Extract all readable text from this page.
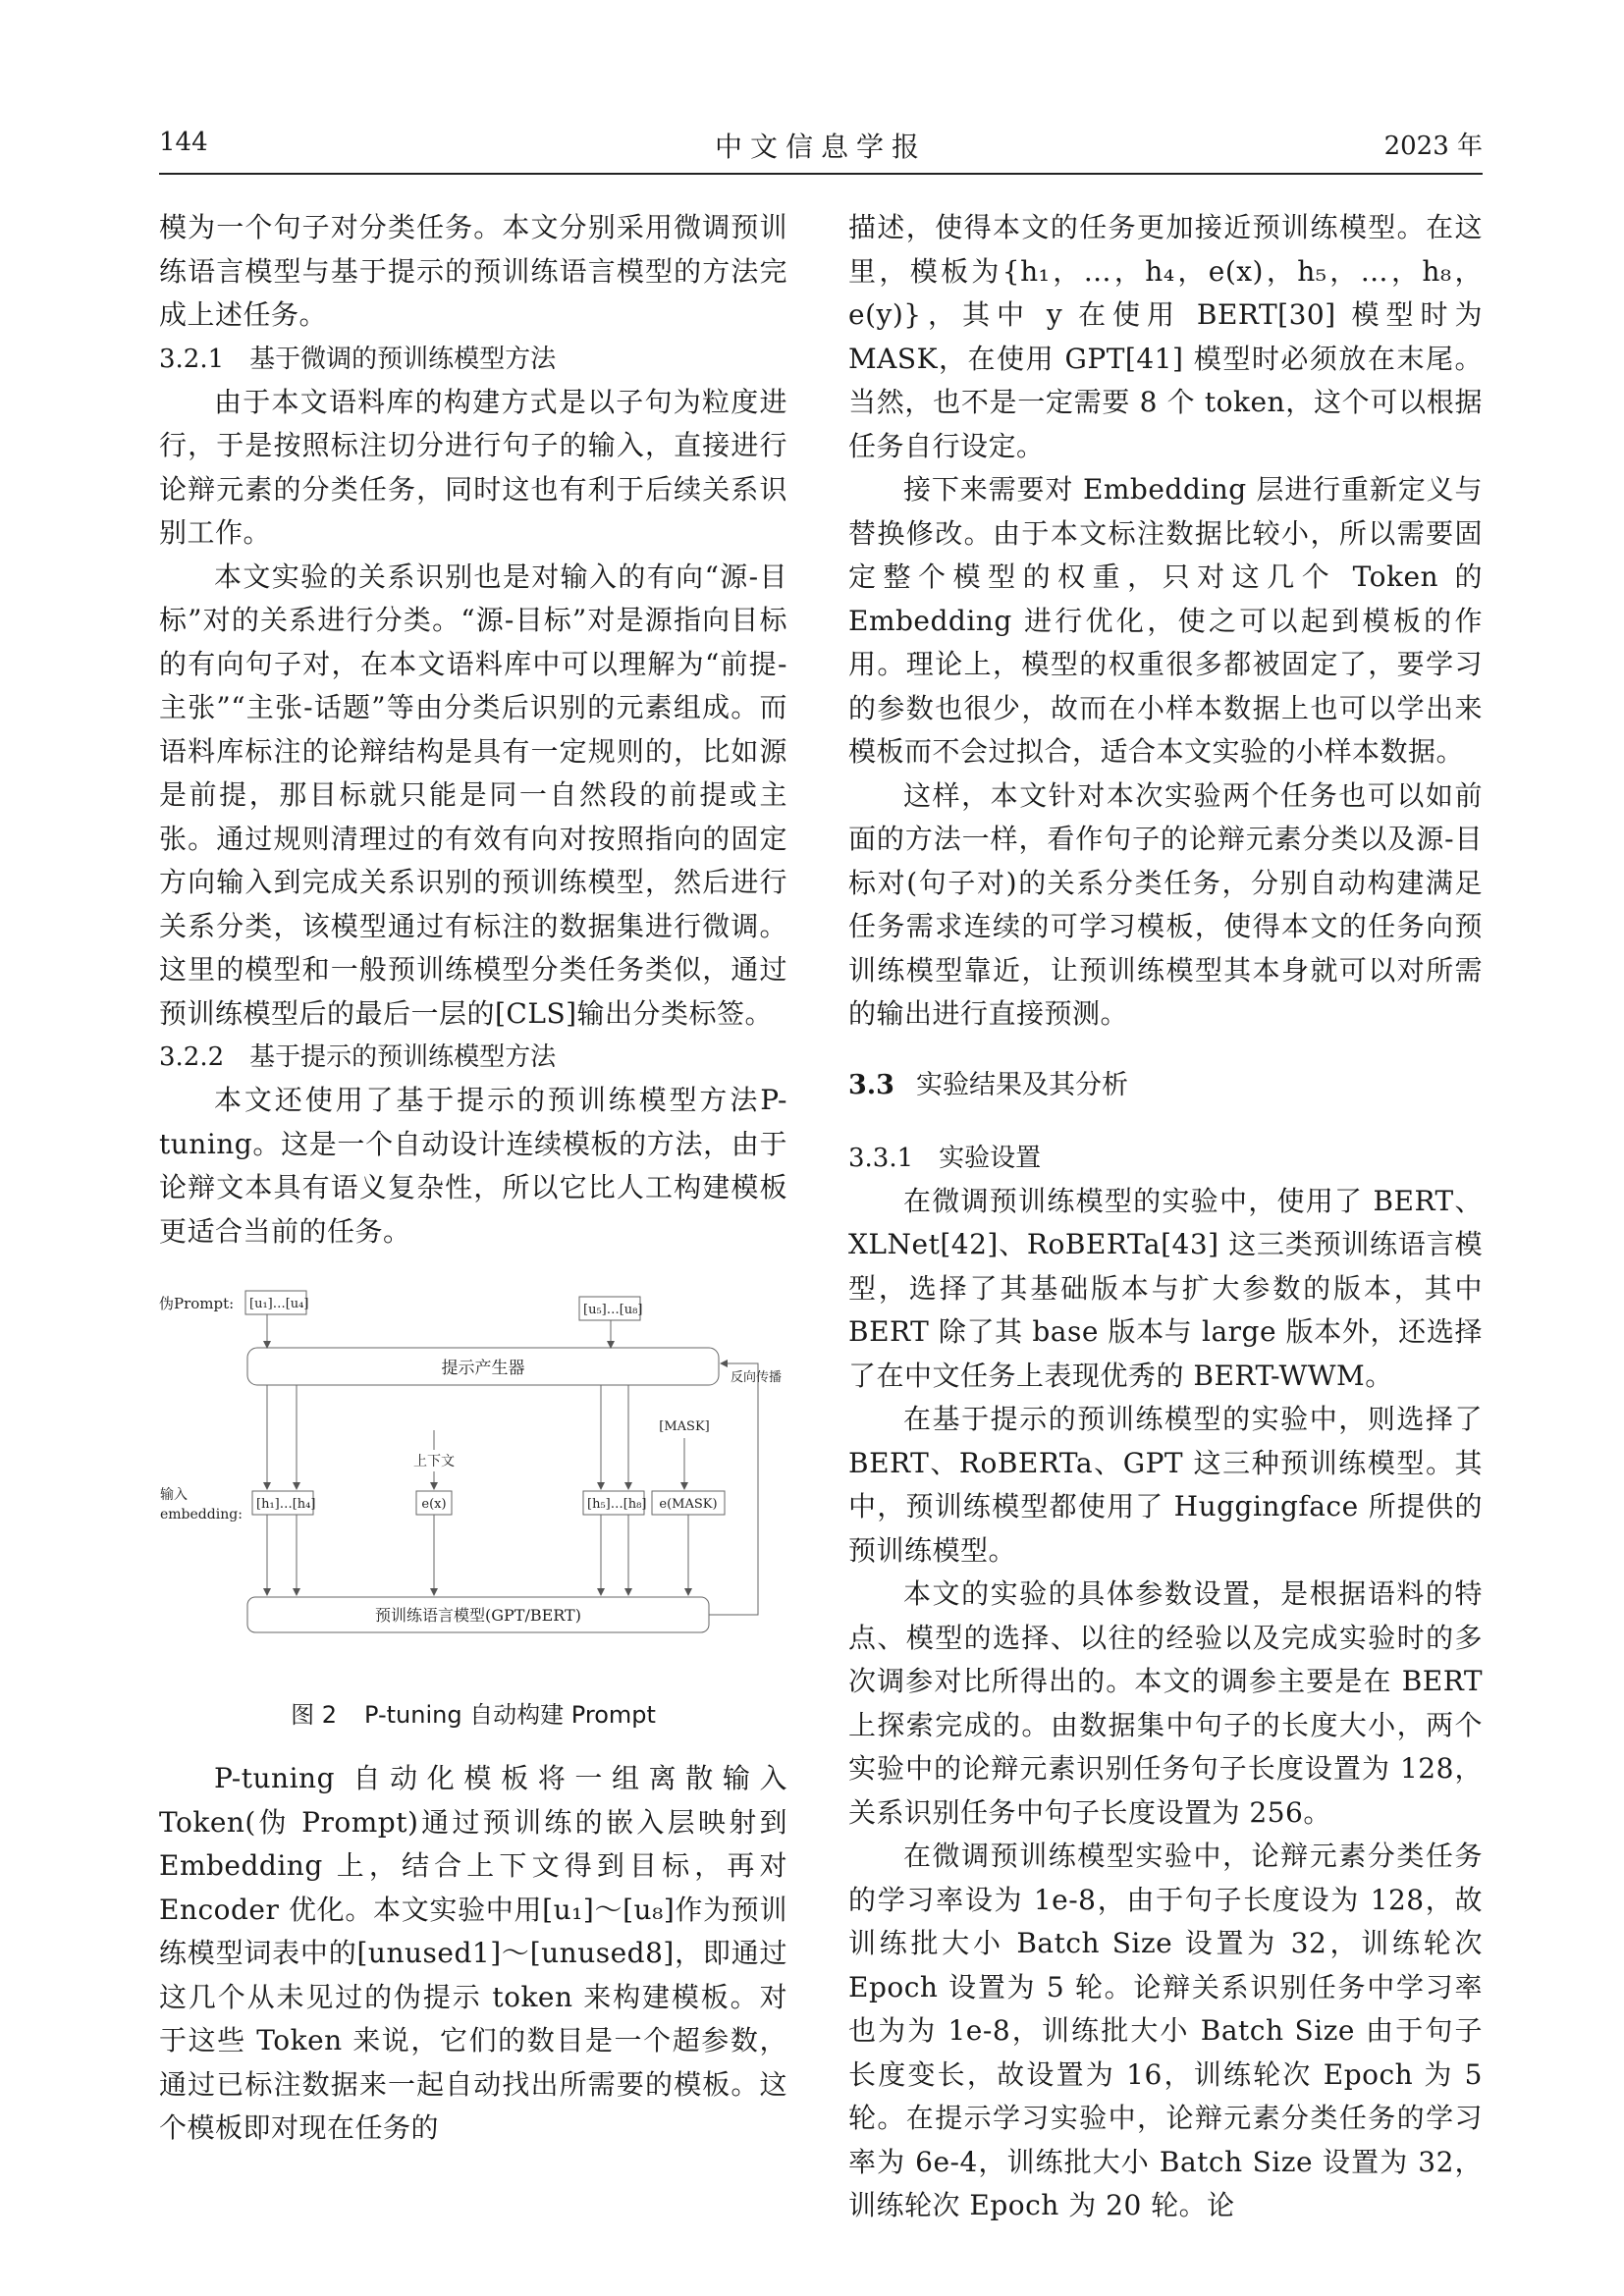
144	中文信息学报	2023 年

模为一个句子对分类任务。本文分别采用微调预训练语言模型与基于提示的预训练语言模型的方法完成上述任务。

3.2.1 基于微调的预训练模型方法

由于本文语料库的构建方式是以子句为粒度进行，于是按照标注切分进行句子的输入，直接进行论辩元素的分类任务，同时这也有利于后续关系识别工作。

本文实验的关系识别也是对输入的有向“源-目标”对的关系进行分类。“源-目标”对是源指向目标的有向句子对，在本文语料库中可以理解为“前提-主张”“主张-话题”等由分类后识别的元素组成。而语料库标注的论辩结构是具有一定规则的，比如源是前提，那目标就只能是同一自然段的前提或主张。通过规则清理过的有效有向对按照指向的固定方向输入到完成关系识别的预训练模型，然后进行关系分类，该模型通过有标注的数据集进行微调。这里的模型和一般预训练模型分类任务类似，通过预训练模型后的最后一层的[CLS]输出分类标签。

3.2.2 基于提示的预训练模型方法

本文还使用了基于提示的预训练模型方法P-tuning。这是一个自动设计连续模板的方法，由于论辩文本具有语义复杂性，所以它比人工构建模板更适合当前的任务。

伪Prompt: [u₁]…[u₄]	[u₅]…[u₈]
提示产生器	反向传播
输入
embedding:
上下文
[MASK]
[h₁]…[h₄]	e(x)	[h₅]…[h₈] e(MASK)
预训练语言模型(GPT/BERT)
图 2 P-tuning 自动构建 Prompt

P-tuning 自动化模板将一组离散输入 Token(伪 Prompt)通过预训练的嵌入层映射到 Embedding 上，结合上下文得到目标，再对 Encoder 优化。本文实验中用[u₁]～[u₈]作为预训练模型词表中的[unused1]～[unused8]，即通过这几个从未见过的伪提示 token 来构建模板。对于这些 Token 来说，它们的数目是一个超参数，通过已标注数据来一起自动找出所需要的模板。这个模板即对现在任务的

描述，使得本文的任务更加接近预训练模型。在这里，模板为{h₁，…，h₄，e(x)，h₅，…，h₈，e(y)}，其中 y 在使用 BERT[30] 模型时为 MASK，在使用 GPT[41] 模型时必须放在末尾。当然，也不是一定需要 8 个 token，这个可以根据任务自行设定。

接下来需要对 Embedding 层进行重新定义与替换修改。由于本文标注数据比较小，所以需要固定整个模型的权重，只对这几个 Token 的 Embedding 进行优化，使之可以起到模板的作用。理论上，模型的权重很多都被固定了，要学习的参数也很少，故而在小样本数据上也可以学出来模板而不会过拟合，适合本文实验的小样本数据。

这样，本文针对本次实验两个任务也可以如前面的方法一样，看作句子的论辩元素分类以及源-目标对(句子对)的关系分类任务，分别自动构建满足任务需求连续的可学习模板，使得本文的任务向预训练模型靠近，让预训练模型其本身就可以对所需的输出进行直接预测。

3.3 实验结果及其分析
3.3.1 实验设置

在微调预训练模型的实验中，使用了 BERT、XLNet[42]、RoBERTa[43] 这三类预训练语言模型，选择了其基础版本与扩大参数的版本，其中 BERT 除了其 base 版本与 large 版本外，还选择了在中文任务上表现优秀的 BERT-WWM。

在基于提示的预训练模型的实验中，则选择了 BERT、RoBERTa、GPT 这三种预训练模型。其中，预训练模型都使用了 Huggingface 所提供的预训练模型。

本文的实验的具体参数设置，是根据语料的特点、模型的选择、以往的经验以及完成实验时的多次调参对比所得出的。本文的调参主要是在 BERT 上探索完成的。由数据集中句子的长度大小，两个实验中的论辩元素识别任务句子长度设置为 128，关系识别任务中句子长度设置为 256。

在微调预训练模型实验中，论辩元素分类任务的学习率设为 1e-8，由于句子长度设为 128，故训练批大小 Batch Size 设置为 32，训练轮次 Epoch 设置为 5 轮。论辩关系识别任务中学习率也为为 1e-8，训练批大小 Batch Size 由于句子长度变长，故设置为 16，训练轮次 Epoch 为 5 轮。在提示学习实验中，论辩元素分类任务的学习率为 6e-4，训练批大小 Batch Size 设置为 32，训练轮次 Epoch 为 20 轮。论
